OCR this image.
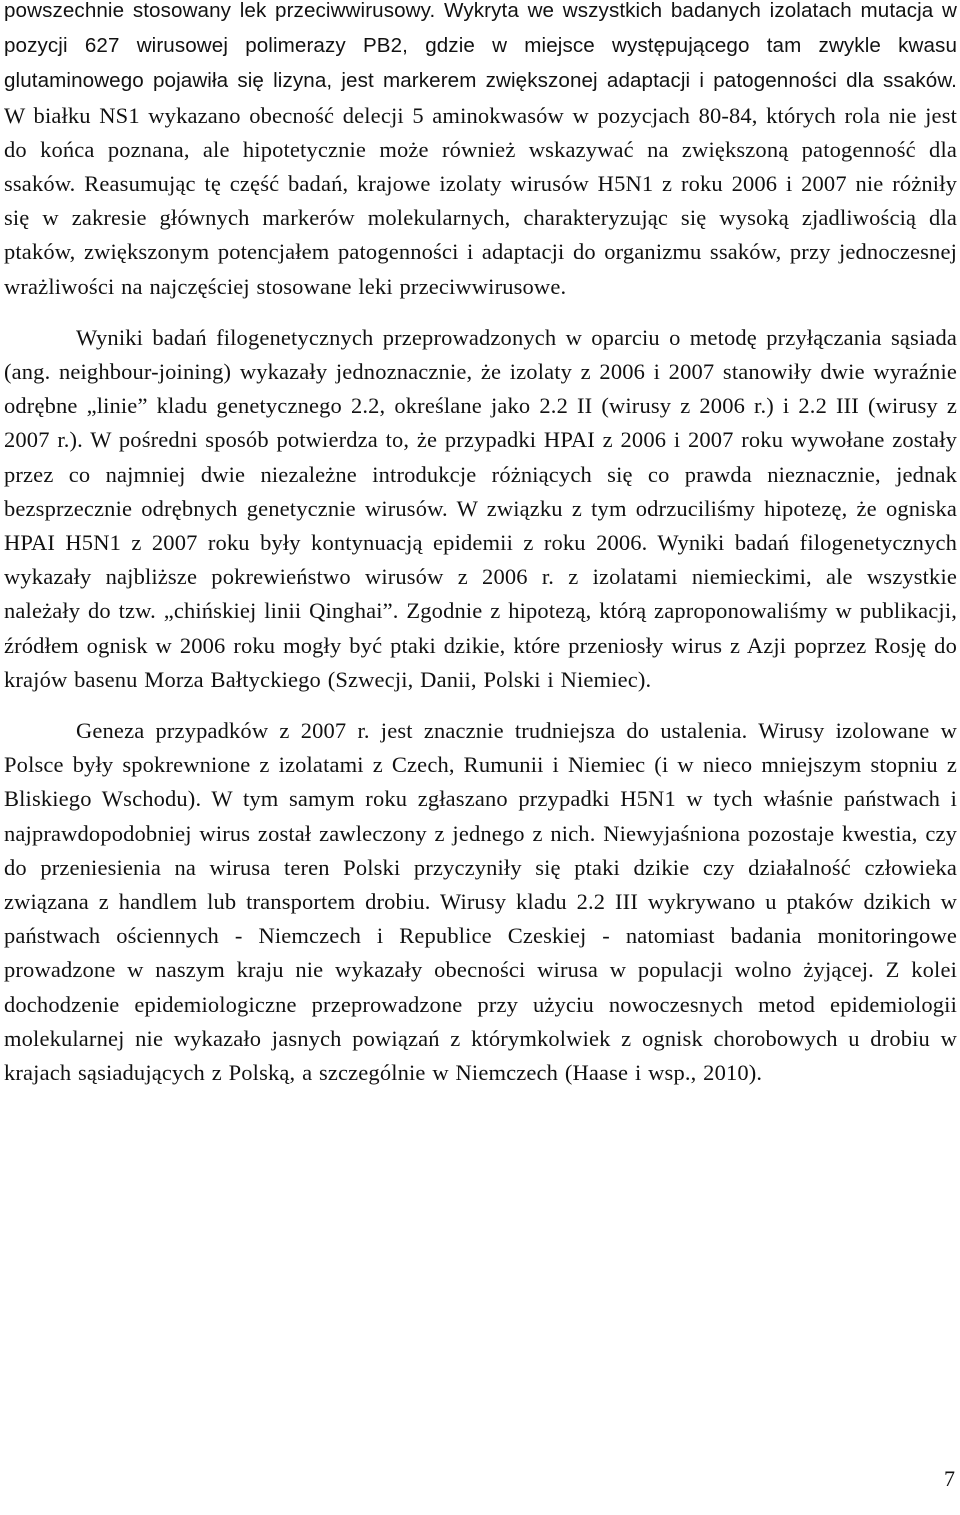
powszechnie stosowany lek przeciwwirusowy. Wykryta we wszystkich badanych izolatach mutacja w pozycji 627 wirusowej polimerazy PB2, gdzie w miejsce występującego tam zwykle kwasu glutaminowego pojawiła się lizyna, jest markerem zwiększonej adaptacji i patogenności dla ssaków. W białku NS1 wykazano obecność delecji 5 aminokwasów w pozycjach 80-84, których rola nie jest do końca poznana, ale hipotetycznie może również wskazywać na zwiększoną patogenność dla ssaków. Reasumując tę część badań, krajowe izolaty wirusów H5N1 z roku 2006 i 2007 nie różniły się w zakresie głównych markerów molekularnych, charakteryzując się wysoką zjadliwością dla ptaków, zwiększonym potencjałem patogenności i adaptacji do organizmu ssaków, przy jednoczesnej wrażliwości na najczęściej stosowane leki przeciwwirusowe.

Wyniki badań filogenetycznych przeprowadzonych w oparciu o metodę przyłączania sąsiada (ang. neighbour-joining) wykazały jednoznacznie, że izolaty z 2006 i 2007 stanowiły dwie wyraźnie odrębne „linie” kladu genetycznego 2.2, określane jako 2.2 II (wirusy z 2006 r.) i 2.2 III (wirusy z 2007 r.). W pośredni sposób potwierdza to, że przypadki HPAI z 2006 i 2007 roku wywołane zostały przez co najmniej dwie niezależne introdukcje różniących się co prawda nieznacznie, jednak bezsprzecznie odrębnych genetycznie wirusów. W związku z tym odrzuciliśmy hipotezę, że ogniska HPAI H5N1 z 2007 roku były kontynuacją epidemii z roku 2006. Wyniki badań filogenetycznych wykazały najbliższe pokrewieństwo wirusów z 2006 r. z izolatami niemieckimi, ale wszystkie należały do tzw. „chińskiej linii Qinghai”. Zgodnie z hipotezą, którą zaproponowaliśmy w publikacji, źródłem ognisk w 2006 roku mogły być ptaki dzikie, które przeniosły wirus z Azji poprzez Rosję do krajów basenu Morza Bałtyckiego (Szwecji, Danii, Polski i Niemiec).

Geneza przypadków z 2007 r. jest znacznie trudniejsza do ustalenia. Wirusy izolowane w Polsce były spokrewnione z izolatami z Czech, Rumunii i Niemiec (i w nieco mniejszym stopniu z Bliskiego Wschodu). W tym samym roku zgłaszano przypadki H5N1 w tych właśnie państwach i najprawdopodobniej wirus został zawleczony z jednego z nich. Niewyjaśniona pozostaje kwestia, czy do przeniesienia na wirusa teren Polski przyczyniły się ptaki dzikie czy działalność człowieka związana z handlem lub transportem drobiu. Wirusy kladu 2.2 III wykrywano u ptaków dzikich w państwach ościennych - Niemczech i Republice Czeskiej - natomiast badania monitoringowe prowadzone w naszym kraju nie wykazały obecności wirusa w populacji wolno żyjącej. Z kolei dochodzenie epidemiologiczne przeprowadzone przy użyciu nowoczesnych metod epidemiologii molekularnej nie wykazało jasnych powiązań z którymkolwiek z ognisk chorobowych u drobiu w krajach sąsiadujących z Polską, a szczególnie w Niemczech (Haase i wsp., 2010).

7
